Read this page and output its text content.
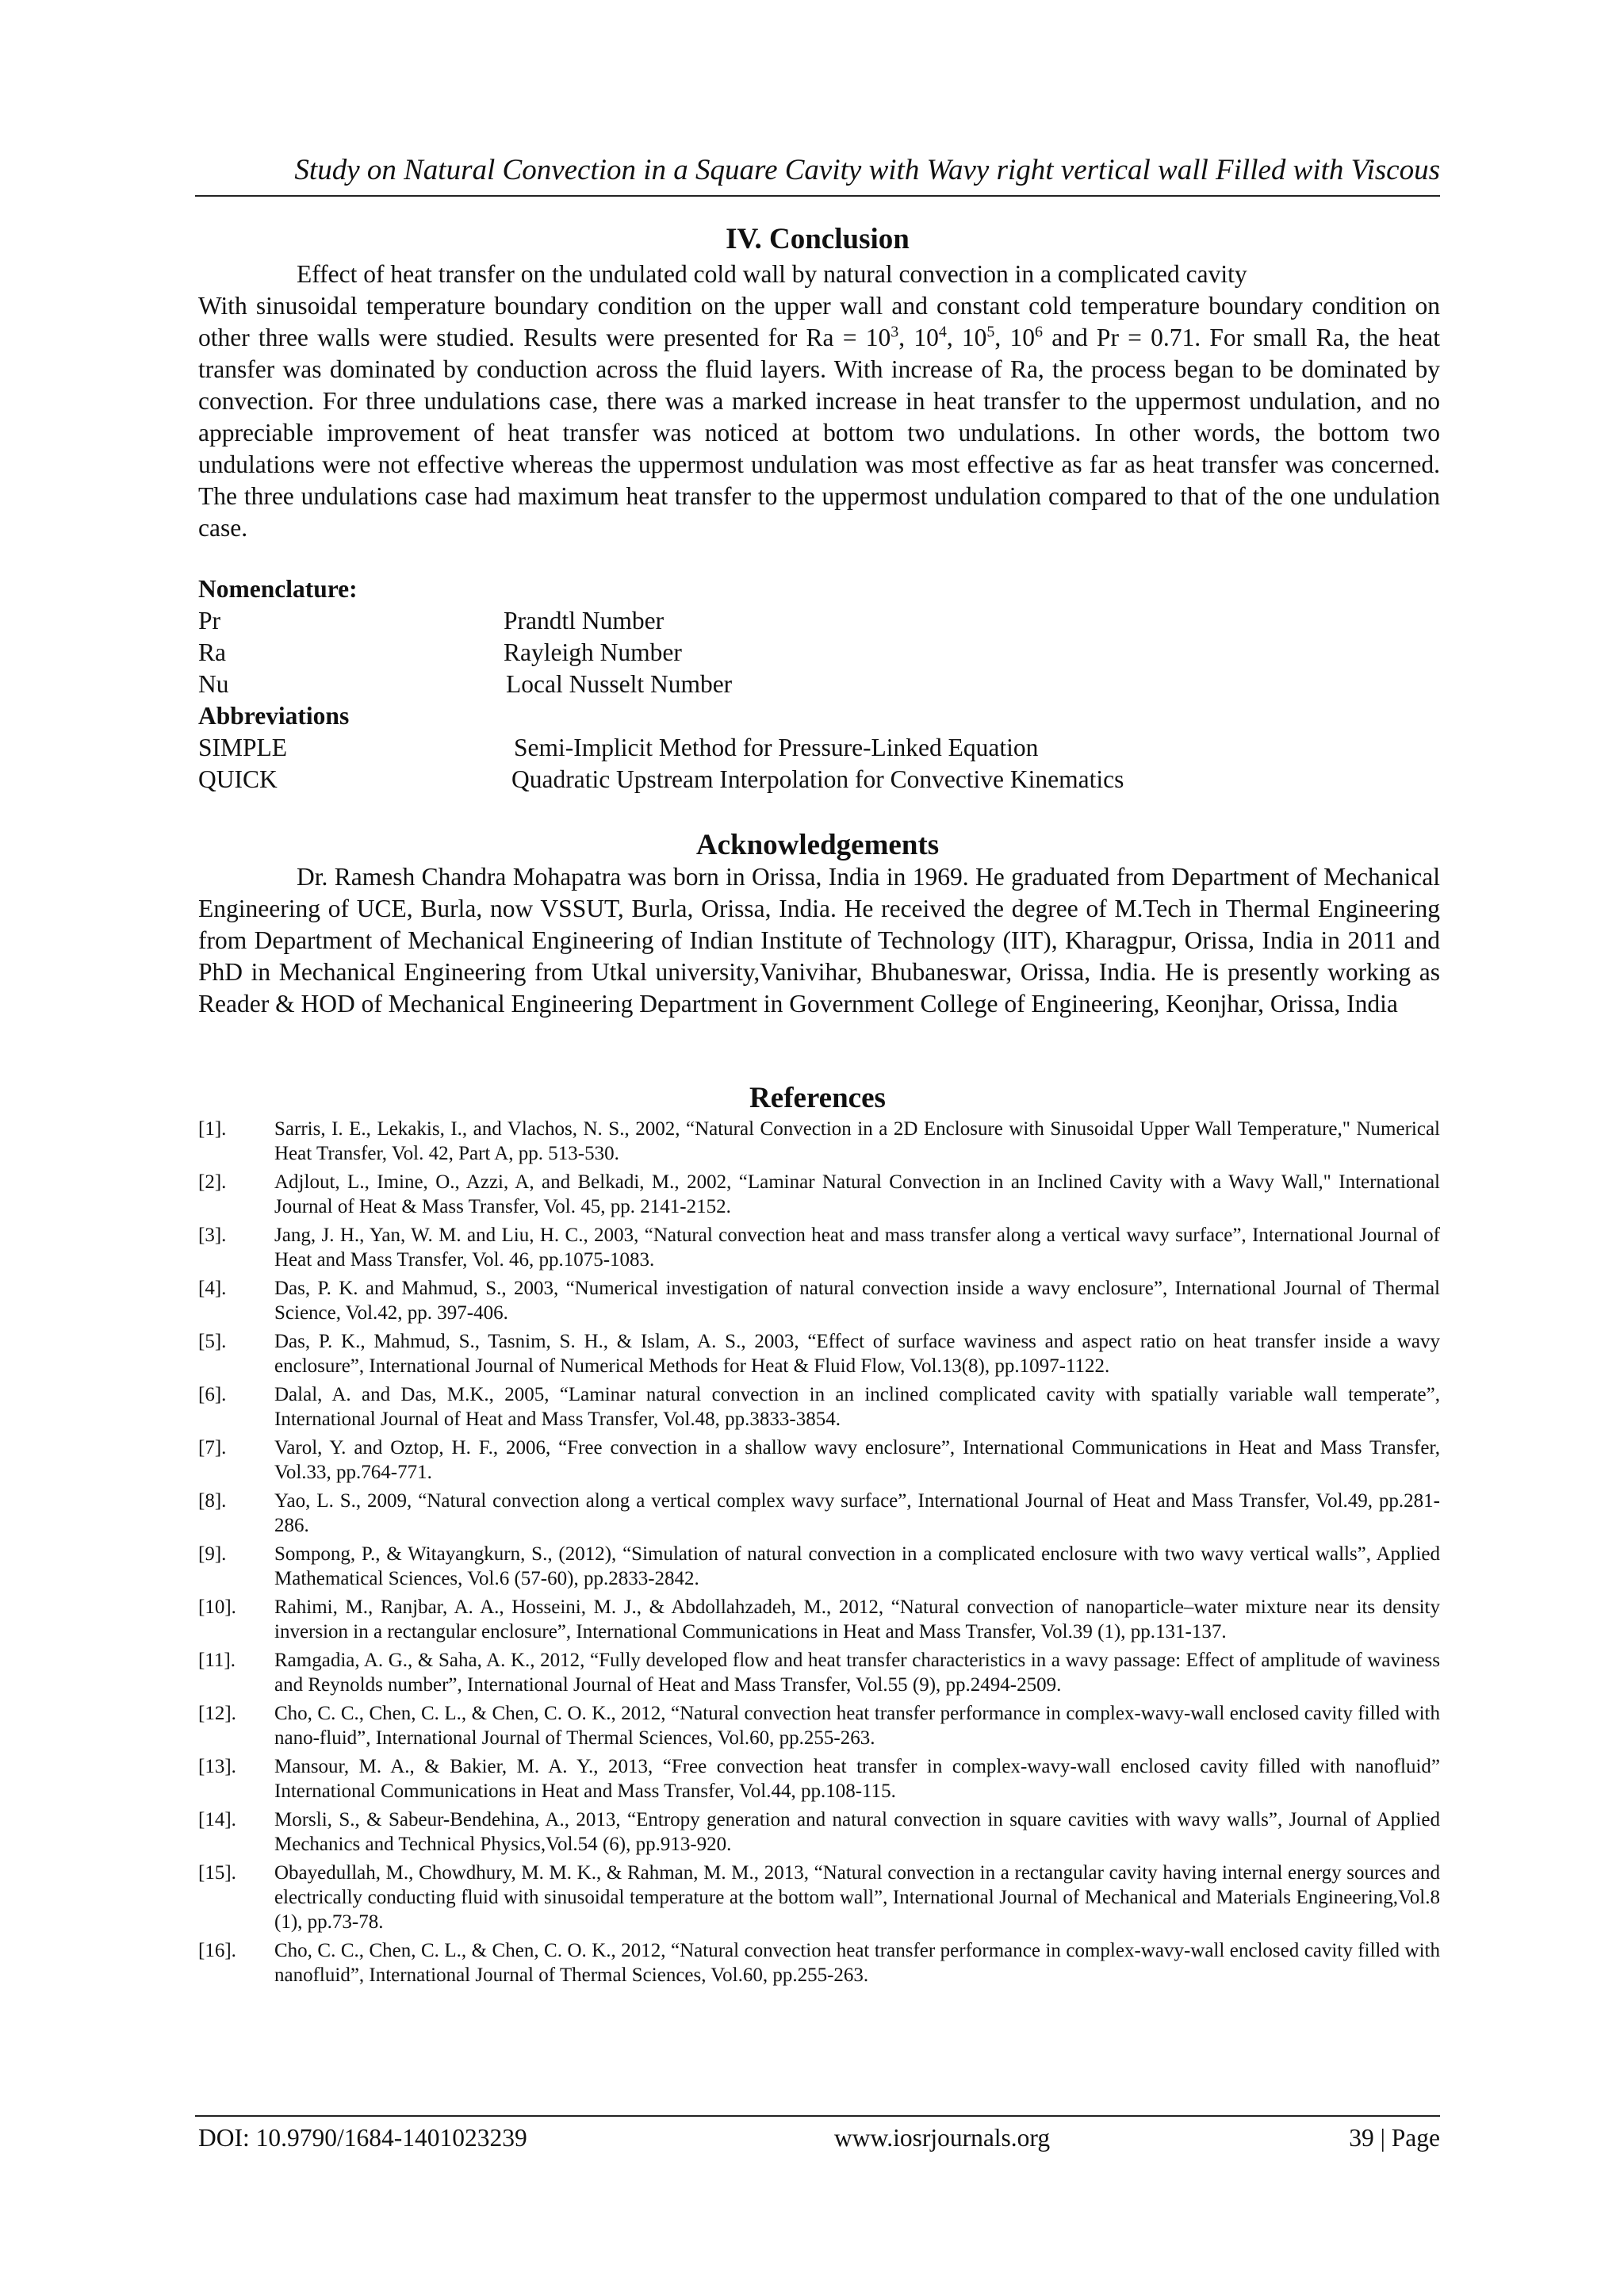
Study on Natural Convection in a Square Cavity with Wavy right vertical wall Filled with Viscous
IV. Conclusion
Effect of heat transfer on the undulated cold wall by natural convection in a complicated cavity
With sinusoidal temperature boundary condition on the upper wall and constant cold temperature boundary condition on other three walls were studied. Results were presented for $Ra = 10^3$, $10^4$, $10^5$, $10^6$ and Pr = 0.71. For small Ra, the heat transfer was dominated by conduction across the fluid layers. With increase of Ra, the process began to be dominated by convection. For three undulations case, there was a marked increase in heat transfer to the uppermost undulation, and no appreciable improvement of heat transfer was noticed at bottom two undulations. In other words, the bottom two undulations were not effective whereas the uppermost undulation was most effective as far as heat transfer was concerned. The three undulations case had maximum heat transfer to the uppermost undulation compared to that of the one undulation case.
Nomenclature:
Pr	Prandtl Number
Ra	Rayleigh Number
Nu	Local Nusselt Number
Abbreviations
SIMPLE	Semi-Implicit Method for Pressure-Linked Equation
QUICK	Quadratic Upstream Interpolation for Convective Kinematics
Acknowledgements
Dr. Ramesh Chandra Mohapatra was born in Orissa, India in 1969. He graduated from Department of Mechanical Engineering of UCE, Burla, now VSSUT, Burla, Orissa, India. He received the degree of M.Tech in Thermal Engineering from Department of Mechanical Engineering of Indian Institute of Technology (IIT), Kharagpur, Orissa, India in 2011 and PhD in Mechanical Engineering from Utkal university,Vanivihar, Bhubaneswar, Orissa, India. He is presently working as Reader & HOD of Mechanical Engineering Department in Government College of Engineering, Keonjhar, Orissa, India
References
[1]. Sarris, I. E., Lekakis, I., and Vlachos, N. S., 2002, “Natural Convection in a 2D Enclosure with Sinusoidal Upper Wall Temperature," Numerical Heat Transfer, Vol. 42, Part A, pp. 513-530.
[2]. Adjlout, L., Imine, O., Azzi, A, and Belkadi, M., 2002, “Laminar Natural Convection in an Inclined Cavity with a Wavy Wall," International Journal of Heat & Mass Transfer, Vol. 45, pp. 2141-2152.
[3]. Jang, J. H., Yan, W. M. and Liu, H. C., 2003, “Natural convection heat and mass transfer along a vertical wavy surface”, International Journal of Heat and Mass Transfer, Vol. 46, pp.1075-1083.
[4]. Das, P. K. and Mahmud, S., 2003, “Numerical investigation of natural convection inside a wavy enclosure”, International Journal of Thermal Science, Vol.42, pp. 397-406.
[5]. Das, P. K., Mahmud, S., Tasnim, S. H., & Islam, A. S., 2003, “Effect of surface waviness and aspect ratio on heat transfer inside a wavy enclosure”, International Journal of Numerical Methods for Heat & Fluid Flow, Vol.13(8), pp.1097-1122.
[6]. Dalal, A. and Das, M.K., 2005, “Laminar natural convection in an inclined complicated cavity with spatially variable wall temperate”, International Journal of Heat and Mass Transfer, Vol.48, pp.3833-3854.
[7]. Varol, Y. and Oztop, H. F., 2006, “Free convection in a shallow wavy enclosure”, International Communications in Heat and Mass Transfer, Vol.33, pp.764-771.
[8]. Yao, L. S., 2009, “Natural convection along a vertical complex wavy surface”, International Journal of Heat and Mass Transfer, Vol.49, pp.281-286.
[9]. Sompong, P., & Witayangkurn, S., (2012), “Simulation of natural convection in a complicated enclosure with two wavy vertical walls”, Applied Mathematical Sciences, Vol.6 (57-60), pp.2833-2842.
[10]. Rahimi, M., Ranjbar, A. A., Hosseini, M. J., & Abdollahzadeh, M., 2012, “Natural convection of nanoparticle–water mixture near its density inversion in a rectangular enclosure”, International Communications in Heat and Mass Transfer, Vol.39 (1), pp.131-137.
[11]. Ramgadia, A. G., & Saha, A. K., 2012, “Fully developed flow and heat transfer characteristics in a wavy passage: Effect of amplitude of waviness and Reynolds number”, International Journal of Heat and Mass Transfer, Vol.55 (9), pp.2494-2509.
[12]. Cho, C. C., Chen, C. L., & Chen, C. O. K., 2012, “Natural convection heat transfer performance in complex-wavy-wall enclosed cavity filled with nano-fluid”, International Journal of Thermal Sciences, Vol.60, pp.255-263.
[13]. Mansour, M. A., & Bakier, M. A. Y., 2013, “Free convection heat transfer in complex-wavy-wall enclosed cavity filled with nanofluid” International Communications in Heat and Mass Transfer, Vol.44, pp.108-115.
[14]. Morsli, S., & Sabeur-Bendehina, A., 2013, “Entropy generation and natural convection in square cavities with wavy walls”, Journal of Applied Mechanics and Technical Physics,Vol.54 (6), pp.913-920.
[15]. Obayedullah, M., Chowdhury, M. M. K., & Rahman, M. M., 2013, “Natural convection in a rectangular cavity having internal energy sources and electrically conducting fluid with sinusoidal temperature at the bottom wall”, International Journal of Mechanical and Materials Engineering,Vol.8 (1), pp.73-78.
[16]. Cho, C. C., Chen, C. L., & Chen, C. O. K., 2012, “Natural convection heat transfer performance in complex-wavy-wall enclosed cavity filled with nanofluid”, International Journal of Thermal Sciences, Vol.60, pp.255-263.
DOI: 10.9790/1684-1401023239	www.iosrjournals.org	39 | Page
